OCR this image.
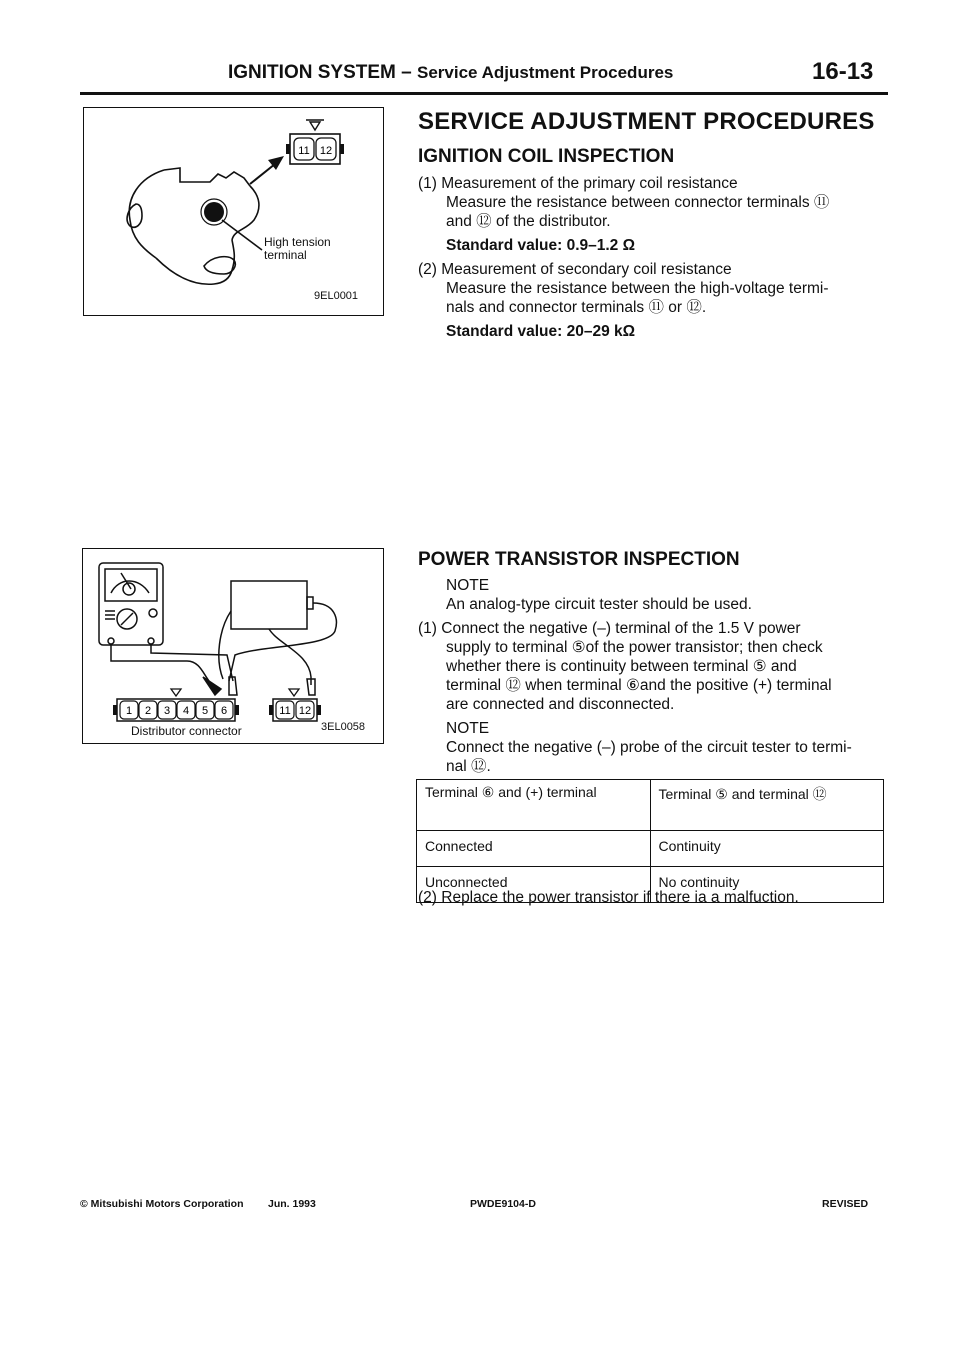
IGNITION SYSTEM – Service Adjustment Procedures	16-13
11 12
High tension terminal
9EL0001
1 2 3 4 5 6	11 12
Distributor connector	3EL0058
SERVICE ADJUSTMENT PROCEDURES
IGNITION COIL INSPECTION
(1) Measurement of the primary coil resistance
Measure the resistance between connector terminals ⑪
and ⑫ of the distributor.
Standard value: 0.9–1.2 Ω
(2) Measurement of secondary coil resistance
Measure the resistance between the high-voltage termi-
nals and connector terminals ⑪ or ⑫.
Standard value: 20–29 kΩ
POWER TRANSISTOR INSPECTION
NOTE
An analog-type circuit tester should be used.
(1) Connect the negative (–) terminal of the 1.5 V power
supply to terminal ⑤of the power transistor; then check
whether there is continuity between terminal ⑤ and
terminal ⑫ when terminal ⑥and the positive (+) terminal
are connected and disconnected.
NOTE
Connect the negative (–) probe of the circuit tester to termi-
Terminal ⑥ and (+) terminal	Terminal ⑤ and terminal ⑫
Connected	Continuity
Unconnected	No continuity
nal ⑫.
(2) Replace the power transistor if there ia a malfuction.
© Mitsubishi Motors Corporation Jun. 1993	PWDE9104-D	REVISED
